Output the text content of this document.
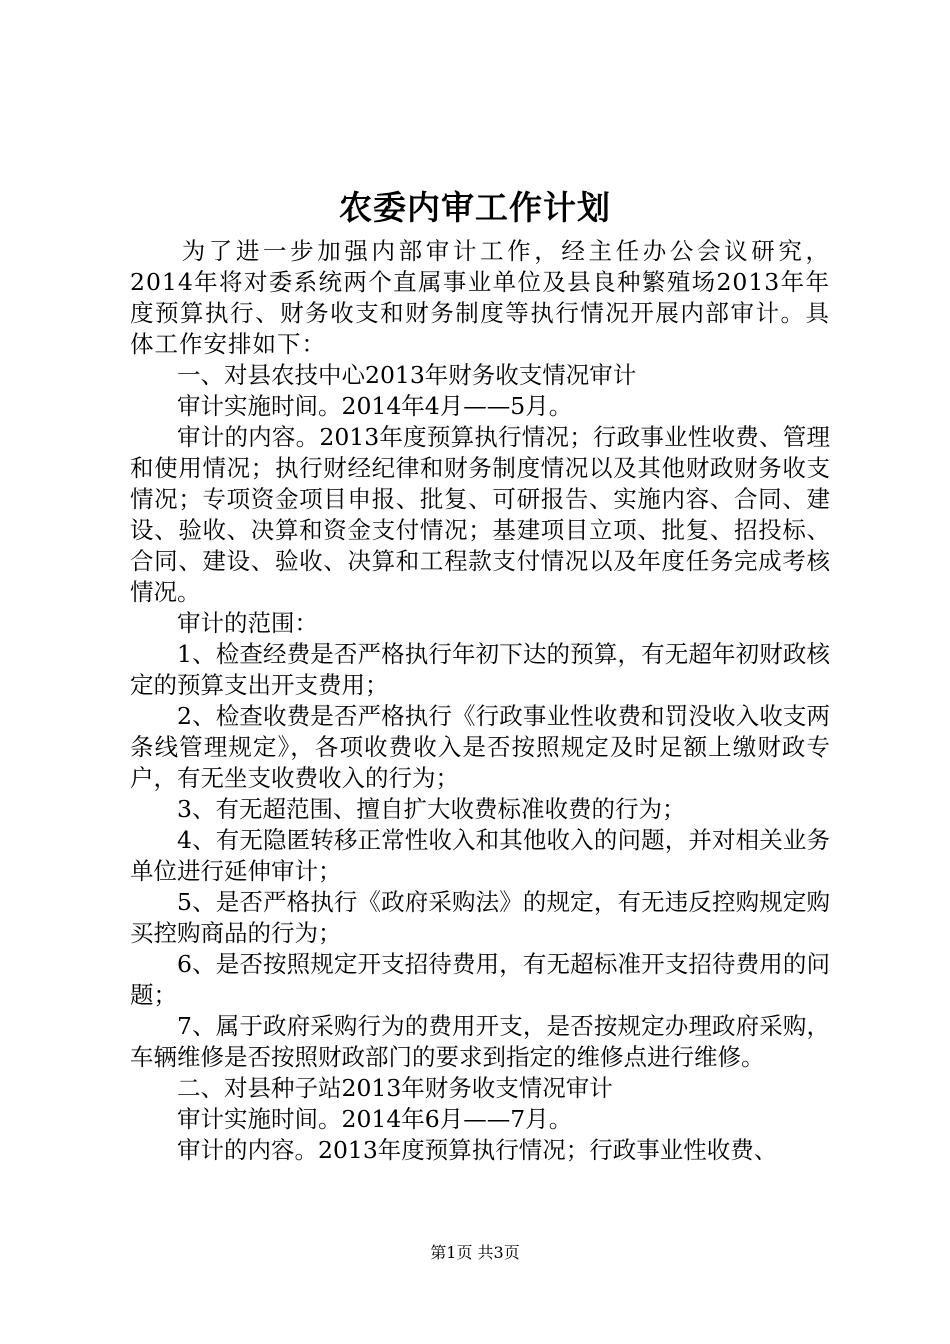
农委内审工作计划

为了进一步加强内部审计工作，经主任办公会议研究，2014年将对委系统两个直属事业单位及县良种繁殖场2013年年度预算执行、财务收支和财务制度等执行情况开展内部审计。具体工作安排如下：

一、对县农技中心2013年财务收支情况审计

审计实施时间。2014年4月——5月。

审计的内容。2013年度预算执行情况；行政事业性收费、管理和使用情况；执行财经纪律和财务制度情况以及其他财政财务收支情况；专项资金项目申报、批复、可研报告、实施内容、合同、建设、验收、决算和资金支付情况；基建项目立项、批复、招投标、合同、建设、验收、决算和工程款支付情况以及年度任务完成考核情况。

审计的范围：

1、检查经费是否严格执行年初下达的预算，有无超年初财政核定的预算支出开支费用；

2、检查收费是否严格执行《行政事业性收费和罚没收入收支两条线管理规定》，各项收费收入是否按照规定及时足额上缴财政专户，有无坐支收费收入的行为；

3、有无超范围、擅自扩大收费标准收费的行为；

4、有无隐匿转移正常性收入和其他收入的问题，并对相关业务单位进行延伸审计；

5、是否严格执行《政府采购法》的规定，有无违反控购规定购买控购商品的行为；

6、是否按照规定开支招待费用，有无超标准开支招待费用的问题；

7、属于政府采购行为的费用开支，是否按规定办理政府采购，车辆维修是否按照财政部门的要求到指定的维修点进行维修。

二、对县种子站2013年财务收支情况审计

审计实施时间。2014年6月——7月。

审计的内容。2013年度预算执行情况；行政事业性收费、

第1页 共3页
